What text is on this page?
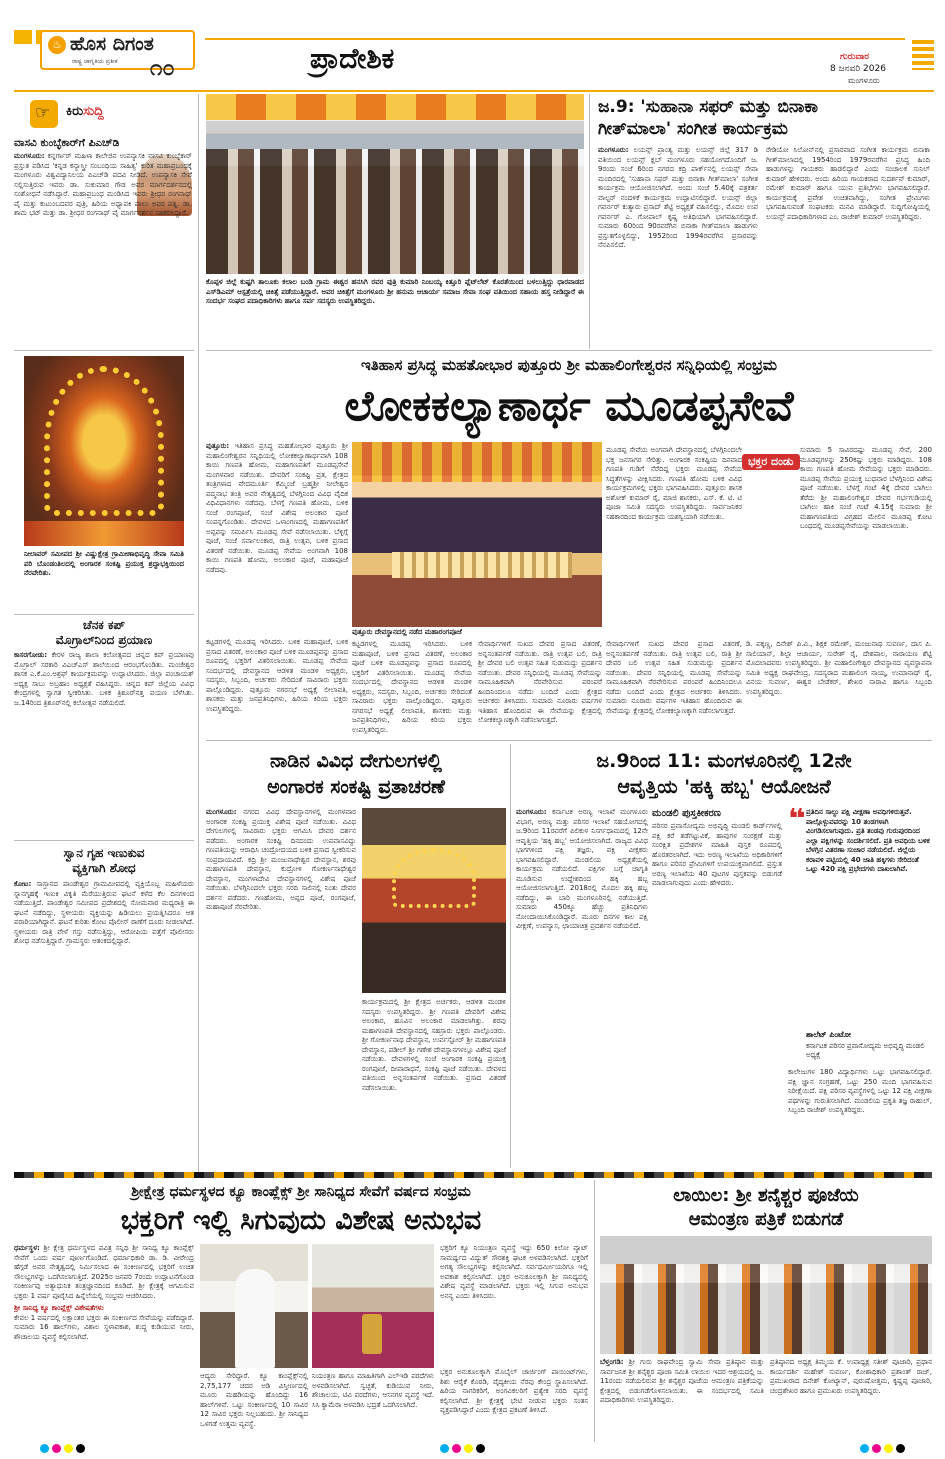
♨ ಹೊಸ ದಿಗಂತ
ರಾಷ್ಟ್ರ ಜಾಗೃತಿಯ ಪ್ರತೀಕ ೧೦	ಪ್ರಾದೇಶಿಕ	ಗುರುವಾರ
8 ಜನವರಿ 2026
ಮಂಗಳೂರು
☞ ಕಿರುಸುದ್ದಿ
ವಾಸವಿ ಕುಂಬ್ಳೆಕಾರ್‌ಗೆ ಪಿಎಚ್‌ಡಿ
ಮಂಗಳೂರು: ಕನ್ನರ್ಗಾರ್ ಮಹಿಳಾ ಕಾಲೇಜಿನ ಉಪನ್ಯಾಸಕಿ ವಾಸವಿ ಕುಂಬ್ಳೆಕಾರ್ ಪ್ರಸ್ತುತ ಪಡಿಸಿದ 'ಕನ್ನಡ ಕನ್ಯಾಸ್ತ್ರೀ ಸಂಬಂಧಿಯ ಸಾಹಿತ್ಯ' ಕುರಿತ ಮಹಾಪ್ರಬಂಧಕ್ಕೆ ಮಂಗಳೂರು ವಿಶ್ವವಿದ್ಯಾನಿಲಯ ಪಿಎಚ್‌ಡಿ ಪದವಿ ನೀಡಿದೆ. ಉಪನ್ಯಾಸಕಿ ಸೇವೆ ಸಲ್ಲಿಸುತ್ತಿರುವ ಇವರು ಡಾ. ಸುಕುಮಾರ ಗೌಡ ಅವರ ಮಾರ್ಗದರ್ಶನದಲ್ಲಿ ಸಂಶೋಧನೆ ನಡೆಸಿದ್ದಾರೆ. ಮಹಾಪ್ರಬಂಧ ಮಂಡಿಸಿದ ಇವರು ಶ್ರೀಧರ ರಂಗನಾಥ್ ಪೈ ಮತ್ತು ಕುಟುಂಬದವರ ಪುತ್ರಿ, ಹಿರಿಯ ಅಧ್ಯಾಪಕಿ ಪಾಲು ಅವರ ಪತ್ನಿ. ಡಾ. ಶಾಮ ಭಟ್ ಮತ್ತು ಡಾ. ಶ್ರೀಧರ ರಂಗನಾಥ್ ಪೈ ಮಾರ್ಗದರ್ಶನ ಸಹಕರಿಸಿದ್ದಾರೆ.
ನೀಲಾವರ್ ಸಮೀಪದ ಶ್ರೀ ವಿಷ್ಣುಕ್ಷೇತ್ರ ಗ್ರಾಮೀಣಾಭಿವೃದ್ಧಿ ಸೇವಾ ಸಮಿತಿ ಪರಿ ಬೊಂಡಂತಿಲದಲ್ಲಿ ಅಂಗಾರಕ ಸಂಕಷ್ಟಿ ಪ್ರಯುಕ್ತ ಶ್ರದ್ಧಾಭಕ್ತಿಯಿಂದ ನೆರವೇರಿತು.
ಚೆನಕ ಕಪ್
ಮೊಗ್ರಾಲ್‌ನಿಂದ ಪ್ರಯಾಣ
ಕಾಸರಗೋಡು: ಕೇರಳ ರಾಜ್ಯ ಶಾಲಾ ಕಲೋತ್ಸವದ ಚಿನ್ನದ ಕಪ್ ಪ್ರಯಾಣವು ಮೊಗ್ರಾಲ್ ಸರಕಾರಿ ವಿಎಚ್‌ಎಸ್ ಶಾಲೆಯಿಂದ ಆರಂಭಗೊಂಡಿತು. ಮಂಜೇಶ್ವರ ಶಾಸಕ ಎ.ಕೆ.ಎಂ.ಅಶ್ರಫ್ ಕಾರ್ಯಕ್ರಮವನ್ನು ಉದ್ಘಾಟಿಸಿದರು. ಜಿಲ್ಲಾ ಪಂಚಾಯತ್ ಅಧ್ಯಕ್ಷ ಸಾಬು ಅಬ್ರಹಾಂ ಅಧ್ಯಕ್ಷತೆ ವಹಿಸಿದ್ದರು. ಚಿನ್ನದ ಕಪ್ ಜಿಲ್ಲೆಯ ವಿವಿಧ ಕೇಂದ್ರಗಳಲ್ಲಿ ಸ್ವಾಗತ ಸ್ವೀಕರಿಸಿತು. ಬಳಿಕ ತ್ರಿಶೂರ್‌ನತ್ತ ಪಯಣ ಬೆಳೆಸಿತು. ಜ.14ರಿಂದ ತ್ರಿಶೂರ್‌ನಲ್ಲಿ ಕಲೋತ್ಸವ ನಡೆಯಲಿದೆ.
ಸ್ವಾನ ಗೃಹ ಇಣುಕುವ
ವ್ಯಕ್ತಿಗಾಗಿ ಶೋಧ
ಕೋಟ: ಸಾಸ್ತಾನದ ಪಾಂಡೇಶ್ವರ ಗ್ರಾಮಮೀಪದಲ್ಲಿ ವ್ಯಕ್ತಿಯೊಬ್ಬ ಮಹಿಳೆಯರು ಸ್ನಾನಗೃಹಕ್ಕೆ ಇಣುಕಿ ವಿಕೃತಿ ಮೆರೆಯುತ್ತಿರುವ ಘಟನೆ ಕಳೆದ ಕೆಲ ದಿನಗಳಿಂದ ನಡೆಯುತ್ತಿದೆ. ಪಾಂಡೇಶ್ವರ ಸಮೀಪದ ಪ್ರದೇಶದಲ್ಲಿ ಸೋಮವಾರ ಮಧ್ಯರಾತ್ರಿ ಈ ಘಟನೆ ನಡೆದಿದ್ದು, ಸ್ಥಳೀಯರು ವ್ಯಕ್ತಿಯನ್ನು ಹಿಡಿಯಲು ಪ್ರಯತ್ನಿಸಿದರೂ ಆತ ಪರಾರಿಯಾಗಿದ್ದಾನೆ. ಘಟನೆ ಕುರಿತು ಕೋಟ ಪೊಲೀಸ್ ಠಾಣೆಗೆ ದೂರು ನೀಡಲಾಗಿದೆ. ಸ್ಥಳೀಯರು ರಾತ್ರಿ ವೇಳೆ ಗಸ್ತು ನಡೆಸುತ್ತಿದ್ದು, ಆರೋಪಿಯ ಪತ್ತೆಗೆ ಪೊಲೀಸರು ಶೋಧ ನಡೆಸುತ್ತಿದ್ದಾರೆ. ಗ್ರಾಮಸ್ಥರು ಆತಂಕದಲ್ಲಿದ್ದಾರೆ.
ಕೊಪ್ಪಳ ಜಿಲ್ಲೆ ಕುಷ್ಟಗಿ ತಾಲೂಕು ಕಲಾಲ ಬಂಡಿ ಗ್ರಾಮ ಈಶ್ವರ ಹನಸಿಗಿ ರವರ ಪುತ್ರಿ ಕುಮಾರಿ ನಿಂಬಯ್ಯ ಕಿತ್ತೂರಿ ಪ್ಲೆಟ್‌ಲೆಟ್ ಕೊರತೆಯಿಂದ ಬಳಲುತ್ತಿದ್ದು ಧಾರವಾಡದ ಎಸ್‌ಡಿಎಮ್ ಆಸ್ಪತ್ರೆಯಲ್ಲಿ ಚಿಕಿತ್ಸೆ ಪಡೆಯುತ್ತಿದ್ದಾರೆ. ಅವರ ಚಿಕಿತ್ಸೆಗೆ ಮಂಗಳೂರು ಶ್ರೀ ಹನುಮ ಆಚಾರ್ಯ ಸಮಾಜ ಸೇವಾ ಸಂಘ ವತಿಯಿಂದ ಸಹಾಯ ಹಸ್ತ ನೀಡಿದ್ದಾರೆ ಈ ಸಂದರ್ಭ ಸಂಘದ ಪದಾಧಿಕಾರಿಗಳು ಹಾಗೂ ಸರ್ವ ಸದಸ್ಯರು ಉಪಸ್ಥಿತರಿದ್ದರು.
ಜ.9: 'ಸುಹಾನಾ ಸಫರ್ ಮತ್ತು ಬಿನಾಕಾ
ಗೀತ್‌ಮಾಲಾ' ಸಂಗೀತ ಕಾರ್ಯಕ್ರಮ
ಮಂಗಳೂರು: ಲಯನ್ಸ್ ಪ್ರಾಂತ್ಯ ಮತ್ತು ಲಯನ್ಸ್ ಜಿಲ್ಲೆ 317 ಡಿ ವತಿಯಿಂದ ಲಯನ್ಸ್ ಕ್ಲಬ್ ಮಂಗಳೂರು ಸಹಯೋಗದೊಂದಿಗೆ ಜ. 9ರಂದು ಸಂಜೆ 6ರಿಂದ ನಗರದ ಕದ್ರಿ ಪಾರ್ಕ್‌ನಲ್ಲಿ ಲಯನ್ಸ್ ಸೇವಾ ಮಂದಿರದಲ್ಲಿ 'ಸುಹಾನಾ ಸಫರ್ ಮತ್ತು ಬಿನಾಕಾ ಗೀತ್‌ಮಾಲಾ' ಸಂಗೀತ ಕಾರ್ಯಕ್ರಮ ಆಯೋಜಿಸಲಾಗಿದೆ. ಅಂದು ಸಂಜೆ 5.40ಕ್ಕೆ ಪತ್ರಕರ್ತ ವಾಲ್ಟರ್ ನಂದಳಿಕೆ ಕಾರ್ಯಕ್ರಮ ಉದ್ಘಾಟಿಸಲಿದ್ದಾರೆ. ಲಯನ್ಸ್ ಜಿಲ್ಲಾ ಗವರ್ನರ್ ಕುತ್ಯಾರು ಪ್ರಸಾದ್ ಶೆಟ್ಟಿ ಅಧ್ಯಕ್ಷತೆ ವಹಿಸಲಿದ್ದು, ಮೊದಲ ಉಪ ಗವರ್ನರ್ ಎ. ಗೋಪಾಲ್ ಕೃಷ್ಣ ಅತಿಥಿಯಾಗಿ ಭಾಗವಹಿಸಲಿದ್ದಾರೆ. ಸುಮಾರು 60ರಿಂದ 90ರವರೆಗಿನ ಬಿನಾಕಾ ಗೀತ್‌ಮಾಲಾ ಹಾಡುಗಳು ಪ್ರಸ್ತುತಗೊಳ್ಳಲಿದ್ದು, 1952ರಿಂದ 1994ರವರೆಗಿನ ಪ್ರಸಾರವನ್ನು ನೆನಪಿಸಲಿದೆ.
ರೇಡಿಯೋ ಸಿಲೋನ್‌ನಲ್ಲಿ ಪ್ರಸಾರವಾದ ಸಂಗೀತ ಕಾರ್ಯಕ್ರಮ ಬಿನಾಕಾ ಗೀತ್‌ಮಾಲಾದಲ್ಲಿ 1954ರಿಂದ 1979ರವರೆಗಿನ ಪ್ರಸಿದ್ಧ ಹಿಂದಿ ಹಾಡುಗಳನ್ನು ಗಾಯಕರು ಹಾಡಲಿದ್ದಾರೆ ಎಂದು ಸಂಚಾಲಕ ಸುನಿಲ್ ಕುಮಾರ್ ಹೇಳಿದರು. ಅಂದು ಹಿರಿಯ ಗಾಯಕರಾದ ಸುದರ್ಶನ್ ಕುಮಾರ್, ರಮೇಶ್ ಕುಮಾರ್ ಹಾಗೂ ಯುವ ಪ್ರತಿಭೆಗಳು ಭಾಗವಹಿಸಲಿದ್ದಾರೆ. ಕಾರ್ಯಕ್ರಮಕ್ಕೆ ಪ್ರವೇಶ ಉಚಿತವಾಗಿದ್ದು, ಸಂಗೀತ ಪ್ರೇಮಿಗಳು ಭಾಗವಹಿಸುವಂತೆ ಸಂಘಟಕರು ಮನವಿ ಮಾಡಿದ್ದಾರೆ. ಸುದ್ದಿಗೋಷ್ಠಿಯಲ್ಲಿ ಲಯನ್ಸ್ ಪದಾಧಿಕಾರಿಗಳಾದ ಎಂ. ರಾಜೇಶ್ ಕುಮಾರ್ ಉಪಸ್ಥಿತರಿದ್ದರು.
ಇತಿಹಾಸ ಪ್ರಸಿದ್ಧ ಮಹತೋಭಾರ ಪುತ್ತೂರು ಶ್ರೀ ಮಹಾಲಿಂಗೇಶ್ವರನ ಸನ್ನಿಧಿಯಲ್ಲಿ ಸಂಭ್ರಮ
ಲೋಕಕಲ್ಯಾಣಾರ್ಥ ಮೂಡಪ್ಪಸೇವೆ
ಪುತ್ತೂರು: ಇತಿಹಾಸ ಪ್ರಸಿದ್ಧ ಮಹತೋಭಾರ ಪುತ್ತೂರು ಶ್ರೀ ಮಹಾಲಿಂಗೇಶ್ವರನ ಸನ್ನಿಧಿಯಲ್ಲಿ ಲೋಕಕಲ್ಯಾಣಾರ್ಥವಾಗಿ 108 ಕಾಯಿ ಗಣಪತಿ ಹೋಮ, ಮಹಾಗಣಪತಿಗೆ ಮೂಡಪ್ಪಸೇವೆ ಮಂಗಳವಾರ ನಡೆಯಿತು. ದೇವರಿಗೆ ಸಂಕಷ್ಟಿ ವ್ರತ, ಕ್ಷೇತ್ರದ ತಂತ್ರಿಗಳಾದ ವೇದಮೂರ್ತಿ ಕೆಮ್ಮಿಂಜೆ ಬ್ರಹ್ಮಶ್ರೀ ನೀಲೇಶ್ವರ ಪದ್ಮನಾಭ ತಂತ್ರಿ ಅವರ ನೇತೃತ್ವದಲ್ಲಿ ಬೆಳಗ್ಗಿನಿಂದ ವಿವಿಧ ವೈದಿಕ ವಿಧಿವಿಧಾನಗಳು ನಡೆದವು. ಬೆಳಗ್ಗೆ ಗಣಪತಿ ಹೋಮ, ಬಳಿಕ ಸಂಜೆ ರಂಗಪೂಜೆ, ಸಂಜೆ ವಿಶೇಷ ಅಲಂಕಾರ ಪೂಜೆ ಸಂಪನ್ನಗೊಂಡಿತು. ದೇವಳದ ಒಳಾಂಗಣದಲ್ಲಿ ಮಹಾಗಣಪತಿಗೆ ಅಪ್ಪವನ್ನು ಸಮರ್ಪಿಸಿ ಮೂಡಪ್ಪ ಸೇವೆ ನಡೆಸಲಾಯಿತು. ಬೆಳ್ಳಿಗ್ಗೆ ಪೂಜೆ, ಸಂಜೆ ಸರ್ವಾಲಂಕಾರ, ರಾತ್ರಿ ಉತ್ಸವ, ಬಳಿಕ ಪ್ರಸಾದ ವಿತರಣೆ ನಡೆಯಿತು. ಮೂಡಪ್ಪ ಸೇವೆಯ ಅಂಗವಾಗಿ 108 ಕಾಯಿ ಗಣಪತಿ ಹೋಮ, ಅಲಂಕಾರ ಪೂಜೆ, ಮಹಾಪೂಜೆ ನಡೆದವು.
ಪುತ್ತೂರು ದೇವಸ್ಥಾನದಲ್ಲಿ ನಡೆದ ಮಹಾರಂಗಪೂಜೆ
ಮೂಡಪ್ಪ ಸೇವೆಯ ಅಂಗವಾಗಿ ದೇವಸ್ಥಾನದಲ್ಲಿ ಬೆಳಗ್ಗಿನಿಂದಲೇ ಭಕ್ತ ಜನಸಾಗರ ಸೇರಿತ್ತು. ಅಂಗಾರಕ ಸಂಕಷ್ಟಿಯ ದಿನವಾದ ಗಣಪತಿ ಗುಡಿಗೆ ನೆರೆದಿದ್ದ ಭಕ್ತರು ಮೂಡಪ್ಪ ಸೇವೆಯ ಸಿದ್ಧತೆಗಳನ್ನು ವೀಕ್ಷಿಸಿದರು. ಗಣಪತಿ ಹೋಮ ಬಳಿಕ ವಿವಿಧ ಕಾರ್ಯಕ್ರಮಗಳಲ್ಲಿ ಭಕ್ತರು ಭಾಗವಹಿಸಿದರು. ಪುತ್ತೂರು ಶಾಸಕ ಅಶೋಕ್ ಕುಮಾರ್ ರೈ, ಮಾಜಿ ಶಾಸಕರು, ಎಸ್. ಕೆ. ಟಿ. ಟಿ ಪೂಜಾ ಸಮಿತಿ ಸದಸ್ಯರು ಉಪಸ್ಥಿತರಿದ್ದರು. ಸಾರ್ವಜನಿಕರ ಸಹಕಾರದಿಂದ ಕಾರ್ಯಕ್ರಮ ಯಶಸ್ವಿಯಾಗಿ ನಡೆಯಿತು.
ಭಕ್ತರ ದಂಡು
ಸುಮಾರು 5 ಸಾವಿರದಷ್ಟು ಮೂಡಪ್ಪ ಸೇವೆ, 200 ಮೂಡಪ್ಪಗಳನ್ನು 250ಕಷ್ಟು ಭಕ್ತರು ಮಾಡಿದ್ದರು. 108 ಕಾಯಿ ಗಣಪತಿ ಹೋಮ ಸೇವೆಯನ್ನು ಭಕ್ತರು ಮಾಡಿದರು. ಮೂಡಪ್ಪ ಸೇವೆಯ ಪ್ರಯುಕ್ತ ಬುಧವಾರ ಬೆಳಗ್ಗಿನಿಂದ ವಿಶೇಷ ಪೂಜೆ ನಡೆಯಿತು. ಬೆಳಗ್ಗೆ ಗಂಟೆ 4ಕ್ಕೆ ದೇವರ ಬಾಗಿಲು ತೆರೆದು ಶ್ರೀ ಮಹಾಲಿಂಗೇಶ್ವರ ದೇವರ ಗರ್ಭಗುಡಿಯಲ್ಲಿ ಬಾಗಿಲು ಹಾಕಿ ಸಂಜೆ ಗಂಟೆ 4.15ಕ್ಕೆ ಸುಮಾರು ಶ್ರೀ ಮಹಾಗಣಪತಿಯ ವಿಗ್ರಹದ ಮೇಲಿನ ಮೂಡಪ್ಪ ಕೋಟ ಬಂಧದಲ್ಲಿ ಮೂಡಪ್ಪಸೇವೆಯನ್ನು ಮಾಡಲಾಯಿತು.
ಕಟ್ಟಡಗಳಲ್ಲಿ ಮೂಡಪ್ಪ ಇರಿಸಿದರು. ಬಳಿಕ ಮಹಾಪೂಜೆ, ಬಳಿಕ ಪ್ರಸಾದ ವಿತರಣೆ, ಅಲಂಕಾರ ಪೂಜೆ ಬಳಿಕ ಮೂಡಪ್ಪವನ್ನು ಪ್ರಸಾದ ರೂಪದಲ್ಲಿ ಭಕ್ತರಿಗೆ ವಿತರಿಸಲಾಯಿತು. ಮೂಡಪ್ಪ ಸೇವೆಯ ಸಂದರ್ಭದಲ್ಲಿ ದೇವಸ್ಥಾನದ ಆಡಳಿತ ಮಂಡಳಿ ಅಧ್ಯಕ್ಷರು, ಸದಸ್ಯರು, ಸಿಬ್ಬಂದಿ, ಅರ್ಚಕರು ಸೇರಿದಂತೆ ಸಾವಿರಾರು ಭಕ್ತರು ಪಾಲ್ಗೊಂಡಿದ್ದರು. ಪುತ್ತೂರು ನಗರಸಭೆ ಅಧ್ಯಕ್ಷೆ ಲೀಲಾವತಿ, ಶಾಸಕರು ಮತ್ತು ಜನಪ್ರತಿನಿಧಿಗಳು, ಹಿರಿಯ ಕಿರಿಯ ಭಕ್ತರು ಉಪಸ್ಥಿತರಿದ್ದರು.
ಕಟ್ಟಡಗಳಲ್ಲಿ ಮೂಡಪ್ಪ ಇರಿಸಿದರು. ಬಳಿಕ ಮಹಾಪೂಜೆ, ಬಳಿಕ ಪ್ರಸಾದ ವಿತರಣೆ, ಅಲಂಕಾರ ಪೂಜೆ ಬಳಿಕ ಮೂಡಪ್ಪವನ್ನು ಪ್ರಸಾದ ರೂಪದಲ್ಲಿ ಭಕ್ತರಿಗೆ ವಿತರಿಸಲಾಯಿತು. ಮೂಡಪ್ಪ ಸೇವೆಯ ಸಂದರ್ಭದಲ್ಲಿ ದೇವಸ್ಥಾನದ ಆಡಳಿತ ಮಂಡಳಿ ಅಧ್ಯಕ್ಷರು, ಸದಸ್ಯರು, ಸಿಬ್ಬಂದಿ, ಅರ್ಚಕರು ಸೇರಿದಂತೆ ಸಾವಿರಾರು ಭಕ್ತರು ಪಾಲ್ಗೊಂಡಿದ್ದರು. ಪುತ್ತೂರು ನಗರಸಭೆ ಅಧ್ಯಕ್ಷೆ ಲೀಲಾವತಿ, ಶಾಸಕರು ಮತ್ತು ಜನಪ್ರತಿನಿಧಿಗಳು, ಹಿರಿಯ ಕಿರಿಯ ಭಕ್ತರು ಉಪಸ್ಥಿತರಿದ್ದರು.
ಸೇವಾರ್ಥಿಗಳಿಗೆ ಸುಖದ ದೇವರ ಪ್ರಸಾದ ವಿತರಣೆ, ಅನ್ನಸಂತರ್ಪಣೆ ನಡೆಯಿತು. ರಾತ್ರಿ ಉತ್ಸವ ಬಲಿ, ರಾತ್ರಿ ಶ್ರೀ ದೇವರ ಬಲಿ ಉತ್ಸವ ಸಹಿತ ಸುಡುಮದ್ದು ಪ್ರದರ್ಶನ ನಡೆಯಿತು. ದೇವರ ಸನ್ನಿಧಿಯಲ್ಲಿ ಮೂಡಪ್ಪ ಸೇವೆಯನ್ನು ಸಾಮೂಹಿಕವಾಗಿ ನೆರವೇರಿಸುವ ಪರಂಪರೆ ಹಿಂದಿನಿಂದಲೂ ನಡೆದು ಬಂದಿದೆ ಎಂದು ಕ್ಷೇತ್ರದ ಅರ್ಚಕರು ತಿಳಿಸಿದರು. ಸುಮಾರು ನೂರಾರು ವರ್ಷಗಳ ಇತಿಹಾಸ ಹೊಂದಿರುವ ಈ ಸೇವೆಯನ್ನು ಕ್ಷೇತ್ರದಲ್ಲಿ ಲೋಕಕಲ್ಯಾಣಕ್ಕಾಗಿ ನಡೆಸಲಾಗುತ್ತದೆ.
ಸೇವಾರ್ಥಿಗಳಿಗೆ ಸುಖದ ದೇವರ ಪ್ರಸಾದ ವಿತರಣೆ, ಅನ್ನಸಂತರ್ಪಣೆ ನಡೆಯಿತು. ರಾತ್ರಿ ಉತ್ಸವ ಬಲಿ, ರಾತ್ರಿ ಶ್ರೀ ದೇವರ ಬಲಿ ಉತ್ಸವ ಸಹಿತ ಸುಡುಮದ್ದು ಪ್ರದರ್ಶನ ನಡೆಯಿತು. ದೇವರ ಸನ್ನಿಧಿಯಲ್ಲಿ ಮೂಡಪ್ಪ ಸೇವೆಯನ್ನು ಸಾಮೂಹಿಕವಾಗಿ ನೆರವೇರಿಸುವ ಪರಂಪರೆ ಹಿಂದಿನಿಂದಲೂ ನಡೆದು ಬಂದಿದೆ ಎಂದು ಕ್ಷೇತ್ರದ ಅರ್ಚಕರು ತಿಳಿಸಿದರು. ಸುಮಾರು ನೂರಾರು ವರ್ಷಗಳ ಇತಿಹಾಸ ಹೊಂದಿರುವ ಈ ಸೇವೆಯನ್ನು ಕ್ಷೇತ್ರದಲ್ಲಿ ಲೋಕಕಲ್ಯಾಣಕ್ಕಾಗಿ ನಡೆಸಲಾಗುತ್ತದೆ.
ಡಿ. ಪಕ್ಕಣ್ಣ, ದಿನೇಶ್ ಪಿ.ವಿ., ಶಿಕ್ಷಕ ರಮೇಶ್, ಮಂಜುನಾಥ ಸುವರ್ಣ, ದಾಸ ಪಿ. ಸಾಲಿಯಾನ್, ಶಿಲ್ಪಾ ಆಚಾರ್ಯ, ಸುರೇಶ್ ರೈ, ದೇಶಪಾಲ, ನಾರಾಯಣ ಶೆಟ್ಟಿ ಮೊದಲಾದವರು ಉಪಸ್ಥಿತರಿದ್ದರು. ಶ್ರೀ ಮಹಾಲಿಂಗೇಶ್ವರ ದೇವಸ್ಥಾನದ ವ್ಯವಸ್ಥಾಪನಾ ಸಮಿತಿ ಅಧ್ಯಕ್ಷ ರಾಘವೇಂದ್ರ, ಸದಸ್ಯರಾದ ಮಹಾಲಿಂಗ ನಾಯ್ಕ, ಉಮಾನಾಥ್ ರೈ, ವಿನಯ ಸುವರ್ಣ, ಈಶ್ವರ ಬೇಡೆಕರ್, ಶೇಖರ ನಾರಾವಿ ಹಾಗೂ ಸಿಬ್ಬಂದಿ ಉಪಸ್ಥಿತರಿದ್ದರು.
ನಾಡಿನ ವಿವಿಧ ದೇಗುಲಗಳಲ್ಲಿ
ಅಂಗಾರಕ ಸಂಕಷ್ಟಿ ವ್ರತಾಚರಣೆ
ಮಂಗಳೂರು: ನಗರದ ವಿವಿಧ ದೇವಸ್ಥಾನಗಳಲ್ಲಿ ಮಂಗಳವಾರ ಅಂಗಾರಕ ಸಂಕಷ್ಟಿ ಪ್ರಯುಕ್ತ ವಿಶೇಷ ಪೂಜೆ ನಡೆಯಿತು. ವಿವಿಧ ದೇಗುಲಗಳಲ್ಲಿ ಸಾವಿರಾರು ಭಕ್ತರು ಆಗಮಿಸಿ ದೇವರ ದರ್ಶನ ಪಡೆದರು. ಅಂಗಾರಕ ಸಂಕಷ್ಟಿ ದಿನದಂದು ಉಪವಾಸವಿದ್ದು ಗಣಪತಿಯನ್ನು ಆರಾಧಿಸಿ ಚಂದ್ರೋದಯದ ಬಳಿಕ ಪ್ರಸಾದ ಸ್ವೀಕರಿಸುವ ಸಂಪ್ರದಾಯವಿದೆ. ಕದ್ರಿ ಶ್ರೀ ಮಂಜುನಾಥೇಶ್ವರ ದೇವಸ್ಥಾನ, ಶರವು ಮಹಾಗಣಪತಿ ದೇವಸ್ಥಾನ, ಕುದ್ರೋಳಿ ಗೋಕರ್ಣನಾಥೇಶ್ವರ ದೇವಸ್ಥಾನ, ಮಂಗಳಾದೇವಿ ದೇವಸ್ಥಾನಗಳಲ್ಲಿ ವಿಶೇಷ ಪೂಜೆ ನಡೆಯಿತು. ಬೆಳಗ್ಗಿನಿಂದಲೇ ಭಕ್ತರು ಸರದಿ ಸಾಲಿನಲ್ಲಿ ನಿಂತು ದೇವರ ದರ್ಶನ ಪಡೆದರು. ಗಣಹೋಮ, ಅಪ್ಪದ ಪೂಜೆ, ರಂಗಪೂಜೆ, ಮಹಾಪೂಜೆ ನೆರವೇರಿತು.
ಕಾರ್ಯಕ್ರಮದಲ್ಲಿ ಶ್ರೀ ಕ್ಷೇತ್ರದ ಅರ್ಚಕರು, ಆಡಳಿತ ಮಂಡಳಿ ಸದಸ್ಯರು ಉಪಸ್ಥಿತರಿದ್ದರು. ಶ್ರೀ ಗಣಪತಿ ದೇವರಿಗೆ ವಿಶೇಷ ಅಲಂಕಾರ, ಹೂವಿನ ಅಲಂಕಾರ ಮಾಡಲಾಗಿತ್ತು. ಶರವು ಮಹಾಗಣಪತಿ ದೇವಸ್ಥಾನದಲ್ಲಿ ಸಹಸ್ರಾರು ಭಕ್ತರು ಪಾಲ್ಗೊಂಡರು. ಶ್ರೀ ಗೋಕರ್ಣನಾಥ ದೇವಸ್ಥಾನ, ಉರ್ವಸ್ಟೋರ್ ಶ್ರೀ ಮಹಾಗಣಪತಿ ದೇವಸ್ಥಾನ, ಪಡೀಲ್ ಶ್ರೀ ಗಣೇಶ ದೇವಸ್ಥಾನಗಳಲ್ಲೂ ವಿಶೇಷ ಪೂಜೆ ನಡೆಯಿತು. ದೇವಳಗಳಲ್ಲಿ ಸಂಜೆ ಅಂಗಾರಕ ಸಂಕಷ್ಟಿ ಪ್ರಯುಕ್ತ ರಂಗಪೂಜೆ, ದೀಪಾರಾಧನೆ, ಸಂಕಷ್ಟಿ ಪೂಜೆ ನಡೆಯಿತು. ದೇವಳದ ವತಿಯಿಂದ ಅನ್ನಸಂತರ್ಪಣೆ ನಡೆಯಿತು. ಪ್ರಸಾದ ವಿತರಣೆ ನಡೆಸಲಾಯಿತು.
ಜ.9ರಿಂದ 11: ಮಂಗಳೂರಿನಲ್ಲಿ 12ನೇ
ಆವೃತ್ತಿಯ 'ಹಕ್ಕಿ ಹಬ್ಬ' ಆಯೋಜನೆ
ಮಂಗಳೂರು: ಕರ್ನಾಟಕ ಅರಣ್ಯ ಇಲಾಖೆ ಮಂಗಳೂರು ವಿಭಾಗ, ಅರಣ್ಯ ಮತ್ತು ಪರಿಸರ ಇಲಾಖೆ ಸಹಯೋಗದಲ್ಲಿ ಜ.9ರಿಂದ 11ರವರೆಗೆ ಪಿಲಿಕುಳ ನಿಸರ್ಗಧಾಮದಲ್ಲಿ 12ನೇ ಆವೃತ್ತಿಯ 'ಹಕ್ಕಿ ಹಬ್ಬ' ಆಯೋಜಿಸಲಾಗಿದೆ. ರಾಜ್ಯದ ವಿವಿಧ ಭಾಗಗಳಿಂದ ಪಕ್ಷಿ ತಜ್ಞರು, ಪಕ್ಷಿ ವೀಕ್ಷಕರು ಭಾಗವಹಿಸಲಿದ್ದಾರೆ. ಮಂಡಲಿಯ ಅಧ್ಯಕ್ಷತೆಯಲ್ಲಿ ಕಾರ್ಯಕ್ರಮ ನಡೆಯಲಿದೆ. ಪಕ್ಷಿಗಳ ಬಗ್ಗೆ ಜಾಗೃತಿ ಮೂಡಿಸುವ ಉದ್ದೇಶದಿಂದ ಹಕ್ಕಿ ಹಬ್ಬ ಆಯೋಜಿಸಲಾಗುತ್ತಿದೆ. 2018ರಲ್ಲಿ ಮೊದಲ ಹಕ್ಕಿ ಹಬ್ಬ ನಡೆದಿದ್ದು, ಈ ಬಾರಿ ಮಂಗಳೂರಿನಲ್ಲಿ ನಡೆಯುತ್ತಿದೆ. ಸುಮಾರು 450ಕ್ಕೂ ಹೆಚ್ಚು ಪ್ರತಿನಿಧಿಗಳು ನೋಂದಾಯಿಸಿಕೊಂಡಿದ್ದಾರೆ. ಮೂರು ದಿನಗಳ ಕಾಲ ಪಕ್ಷಿ ವೀಕ್ಷಣೆ, ಉಪನ್ಯಾಸ, ಛಾಯಾಚಿತ್ರ ಪ್ರದರ್ಶನ ನಡೆಯಲಿದೆ.
ಮಂಡಲಿ ಪುಸ್ತಕೀಕರಣ
ಪರಿಸರ ಪ್ರವಾಸೋದ್ಯಮ ಅಭಿವೃದ್ಧಿ ಮಂಡಲಿ ಕಾರ್ಡ್‌ಗಳಲ್ಲಿ ಪಕ್ಷಿ ಕರೆ ತಡೆಗಟ್ಟುವಿಕೆ, ಹಾವುಗಳ ಸಂರಕ್ಷಣೆ ಮತ್ತು ಸಂರಕ್ಷಿತ ಪ್ರದೇಶಗಳ ಮಾಹಿತಿ ಪುಸ್ತಕ ರೂಪದಲ್ಲಿ ಹೊರತರಲಾಗಿದೆ. ಇದು ಅರಣ್ಯ ಇಲಾಖೆಯ ಅಧಿಕಾರಿಗಳಿಗೆ ಹಾಗೂ ಪರಿಸರ ಪ್ರೇಮಿಗಳಿಗೆ ಉಪಯುಕ್ತವಾಗಲಿದೆ. ಪ್ರಸ್ತುತ ಅರಣ್ಯ ಇಲಾಖೆಯ 40 ಪುಟಗಳ ಪುಸ್ತಕವನ್ನು ಬಿಡುಗಡೆ ಮಾಡಲಾಗುವುದು ಎಂದು ಹೇಳಿದರು.
❝ ಪ್ರತಿದಿನ ಸಾಲ್ದು ಪಕ್ಷಿ ವೀಕ್ಷಣಾ ಅವಧಿಗಳಿರುತ್ತವೆ. ಪಾಲ್ಗೊಳ್ಳುವವರನ್ನು 10 ತಂಡಗಳಾಗಿ ವಿಂಗಡಿಸಲಾಗುವುದು. ಪ್ರತಿ ತಂಡವು ಗುರುಪುರದಿಂದ ಎಲ್ಲಾ ಪಕ್ಷಿಗಳನ್ನು ಸಂದರ್ಶಿಸಲಿದೆ. ಪ್ರತಿ ಅವಧಿಯ ಬಳಿಕ ಬೆಳಗ್ಗಿನ ವಿತರಣಾ ಸಂಚಾರ ನಡೆಯಲಿದೆ. ಜಿಲ್ಲೆಯ ಕರಾವಳಿ ಪಟ್ಟಿಯಲ್ಲಿ 40 ಜಾತಿ ಹಕ್ಕಿಗಳು ಸೇರಿದಂತೆ ಒಟ್ಟು 420 ಪಕ್ಷಿ ಪ್ರಭೇದಗಳು ದಾಖಲಾಗಿವೆ.
ಶಾಲೆಟ್ ಪಿಂಟೋ
ಕರ್ನಾಟಕ ಪರಿಸರ ಪ್ರವಾಸೋದ್ಯಮ ಅಭಿವೃದ್ಧಿ ಮಂಡಲಿ ಅಧ್ಯಕ್ಷೆ
ಕಾಲೇಜುಗಳ 180 ವಿದ್ಯಾರ್ಥಿಗಳು ಒಟ್ಟು ಭಾಗವಹಿಸಲಿದ್ದಾರೆ. ಪಕ್ಷಿ ಜ್ಞಾನ ಸಂಗ್ರಹಣೆ, ಒಟ್ಟು 250 ಮಂದಿ ಭಾಗವಹಿಸುವ ನಿರೀಕ್ಷೆಯಿದೆ. ಪಕ್ಷಿ ಪರಿಸರ ವ್ಯವಸ್ಥೆಗಳಲ್ಲಿ ಒಟ್ಟು 12 ಪಕ್ಷಿ ವೀಕ್ಷಣಾ ಪಥಗಳನ್ನು ಗುರುತಿಸಲಾಗಿದೆ. ಮಂಡಲಿಯ ಪ್ರಕೃತಿ ತಜ್ಞ ರಾಹುಲ್, ಸಿಬ್ಬಂದಿ ರಾಜೇಶ್ ಉಪಸ್ಥಿತರಿದ್ದರು.
ಶ್ರೀಕ್ಷೇತ್ರ ಧರ್ಮಸ್ಥಳದ ಕ್ಯೂ ಕಾಂಪ್ಲೆಕ್ಸ್ ಶ್ರೀ ಸಾನಿಧ್ಯದ ಸೇವೆಗೆ ವರ್ಷದ ಸಂಭ್ರಮ
ಭಕ್ತರಿಗೆ ಇಲ್ಲಿ ಸಿಗುವುದು ವಿಶೇಷ ಅನುಭವ
ಧರ್ಮಸ್ಥಳ: ಶ್ರೀ ಕ್ಷೇತ್ರ ಧರ್ಮಸ್ಥಳದ ಪವಿತ್ರ ಸನ್ನಿಧಿ ಶ್ರೀ ಸಾನಿಧ್ಯ ಕ್ಯೂ ಕಾಂಪ್ಲೆಕ್ಸ್ ಸೇವೆಗೆ ಒಂದು ವರ್ಷ ಪೂರ್ಣಗೊಂಡಿದೆ. ಧರ್ಮಾಧಿಕಾರಿ ಡಾ. ಡಿ. ವೀರೇಂದ್ರ ಹೆಗ್ಗಡೆ ಅವರ ನೇತೃತ್ವದಲ್ಲಿ ನಿರ್ಮಿಸಲಾದ ಈ ಸಂಕೀರ್ಣದಲ್ಲಿ ಭಕ್ತರಿಗೆ ಉಚಿತ ಸೌಲಭ್ಯಗಳನ್ನು ಒದಗಿಸಲಾಗುತ್ತಿದೆ. 2025ರ ಜನವರಿ 7ರಂದು ಉದ್ಘಾಟನೆಗೊಂಡ ಸಂಕೀರ್ಣವು ಅತ್ಯಾಧುನಿಕ ತಂತ್ರಜ್ಞಾನದಿಂದ ಕೂಡಿದೆ. ಶ್ರೀ ಕ್ಷೇತ್ರಕ್ಕೆ ಆಗಮಿಸುವ ಭಕ್ತರು 1 ವರ್ಷ ಪೂರೈಸಿದ ಹಿನ್ನೆಲೆಯಲ್ಲಿ ಸಂಭ್ರಮ ಆಚರಿಸಿದರು.
ಶ್ರೀ ಸಾನಿಧ್ಯ ಕ್ಯೂ ಕಾಂಪ್ಲೆಕ್ಸ್ ವಿಶೇಷತೆಗಳು
ಕೇವಲ 1 ವರ್ಷದಲ್ಲಿ ಲಕ್ಷಾಂತರ ಭಕ್ತರು ಈ ಸಂಕೀರ್ಣದ ಸೇವೆಯನ್ನು ಪಡೆದಿದ್ದಾರೆ. ಸುಮಾರು 16 ಹಾಲ್‌ಗಳು, ವಿಶಾಲ ಸ್ಥಳಾವಕಾಶ, ಶುದ್ಧ ಕುಡಿಯುವ ನೀರು, ಶೌಚಾಲಯ ವ್ಯವಸ್ಥೆ ಕಲ್ಪಿಸಲಾಗಿದೆ.
ಆದ್ಯರು ಸೇರಿದ್ದಾರೆ. ಕ್ಯೂ ಕಾಂಪ್ಲೆಕ್ಸ್‌ನಲ್ಲಿ 2,75,177 ಚದರ ಅಡಿ ವಿಸ್ತೀರ್ಣದಲ್ಲಿ ಮೂರು ಮಹಡಿಯನ್ನು ಹೊಂದಿದ್ದು 16 ಹಾಲ್‌ಗಳಿವೆ. ಒಟ್ಟು ಸಂಕೀರ್ಣದಲ್ಲಿ 10 ಸಾವಿರ 12 ಸಾವಿರ ಭಕ್ತರು ನಿಲ್ಲಬಹುದು. ಶ್ರೀ ಸಾನಿಧ್ಯದ ಒಳಗಡೆ ಉತ್ತಮ ವ್ಯವಸ್ಥೆ.
ನಿಯಂತ್ರಣ ಹಾಗೂ ಮಾಹಿತಿಗಾಗಿ ಎಲ್‌ಇಡಿ ಪರದೆಗಳು ಅಳವಡಿಸಲಾಗಿದೆ. ಸ್ವಚ್ಛತೆ, ಕುಡಿಯುವ ನೀರು, ಶೌಚಾಲಯ, ಟಿವಿ ಪರದೆಗಳು, ಆಸನಗಳ ವ್ಯವಸ್ಥೆ ಇದೆ. ಸಿಸಿ ಕ್ಯಾಮೆರಾ ಅಳವಡಿಸಿ ಭದ್ರತೆ ಒದಗಿಸಲಾಗಿದೆ.
ಭಕ್ತರಿಗೆ ಕ್ಯೂ ನಿಯಂತ್ರಣ ವ್ಯವಸ್ಥೆ ಇದ್ದು 650 ಕಿಲೋ ವ್ಯಾಟ್ ಸಾಮರ್ಥ್ಯದ ವಿದ್ಯುತ್ ಸೌರಶಕ್ತಿ ಘಟಕ ಅಳವಡಿಸಲಾಗಿದೆ. ಭಕ್ತರಿಗೆ ಅಗತ್ಯ ಸೌಲಭ್ಯಗಳನ್ನು ಕಲ್ಪಿಸಲಾಗಿದೆ. ಸರ್ವಧರ್ಮೀಯರಿಗೂ ಇಲ್ಲಿ ಅವಕಾಶ ಕಲ್ಪಿಸಲಾಗಿದೆ. ಭಕ್ತರ ಅನುಕೂಲಕ್ಕಾಗಿ ಶ್ರೀ ಸಾನಿಧ್ಯದಲ್ಲಿ ವಿಶೇಷ ವ್ಯವಸ್ಥೆ ಮಾಡಲಾಗಿದೆ. ಭಕ್ತರು ಇಲ್ಲಿ ಸಿಗುವ ಅನುಭವ ಅನನ್ಯ ಎಂದು ತಿಳಿಸಿದರು.
ಭಕ್ತರ ಅನುಕೂಲಕ್ಕಾಗಿ ಮೊಬೈಲ್ ಚಾರ್ಜಿಂಗ್ ಪಾಯಿಂಟ್‌ಗಳು, ಶಿಶು ಆರೈಕೆ ಕೊಠಡಿ, ವೈದ್ಯಕೀಯ ನೆರವು ಕೇಂದ್ರ ಸ್ಥಾಪಿಸಲಾಗಿದೆ. ಹಿರಿಯ ನಾಗರಿಕರಿಗೆ, ಅಂಗವಿಕಲರಿಗೆ ಪ್ರತ್ಯೇಕ ಸರದಿ ವ್ಯವಸ್ಥೆ ಕಲ್ಪಿಸಲಾಗಿದೆ. ಶ್ರೀ ಕ್ಷೇತ್ರಕ್ಕೆ ಭೇಟಿ ನೀಡುವ ಭಕ್ತರು ಸಂತಸ ವ್ಯಕ್ತಪಡಿಸಿದ್ದಾರೆ ಎಂದು ಕ್ಷೇತ್ರದ ಪ್ರಕಟಣೆ ತಿಳಿಸಿದೆ.
ಲಾಯಿಲ: ಶ್ರೀ ಶನೈಶ್ಚರ ಪೂಜೆಯ
ಆಮಂತ್ರಣ ಪತ್ರಿಕೆ ಬಿಡುಗಡೆ
ಬೆಳ್ತಂಗಡಿ: ಶ್ರೀ ಗುರು ರಾಘವೇಂದ್ರ ಸ್ವಾಮಿ ಸೇವಾ ಪ್ರತಿಷ್ಠಾನ ಮತ್ತು ಸಾರ್ವಜನಿಕ ಶ್ರೀ ಶನೈಶ್ಚರ ಪೂಜಾ ಸಮಿತಿ ಲಾಯಿಲ ಇದರ ಆಶ್ರಯದಲ್ಲಿ ಜ. 11ರಂದು ನಡೆಯಲಿರುವ ಶ್ರೀ ಶನೈಶ್ಚರ ಪೂಜೆಯ ಆಮಂತ್ರಣ ಪತ್ರಿಕೆಯನ್ನು ಕ್ಷೇತ್ರದಲ್ಲಿ ಬಿಡುಗಡೆಗೊಳಿಸಲಾಯಿತು. ಈ ಸಂದರ್ಭದಲ್ಲಿ ಸಮಿತಿ ಪದಾಧಿಕಾರಿಗಳು ಉಪಸ್ಥಿತರಿದ್ದರು.
ಪ್ರತಿಷ್ಠಾನದ ಅಧ್ಯಕ್ಷ ತಿಮ್ಮಯ ಕೆ. ಉಪಾಧ್ಯಕ್ಷ ಸತೀಶ್ ಪೂಜಾರಿ, ಪ್ರಧಾನ ಕಾರ್ಯದರ್ಶಿ ಮಹೇಶ್ ಸುವರ್ಣ, ಕೋಶಾಧಿಕಾರಿ ಪ್ರಶಾಂತ್ ರಾಜ್, ಪ್ರಮುಖರಾದ ದಿನೇಶ್ ಕೋಟ್ಯಾನ್, ಪುರುಷೋತ್ತಮ, ಕೃಷ್ಣಪ್ಪ ಪೂಜಾರಿ, ಚಂದ್ರಶೇಖರ ಹಾಗೂ ಪ್ರಮುಖರು ಉಪಸ್ಥಿತರಿದ್ದರು.
